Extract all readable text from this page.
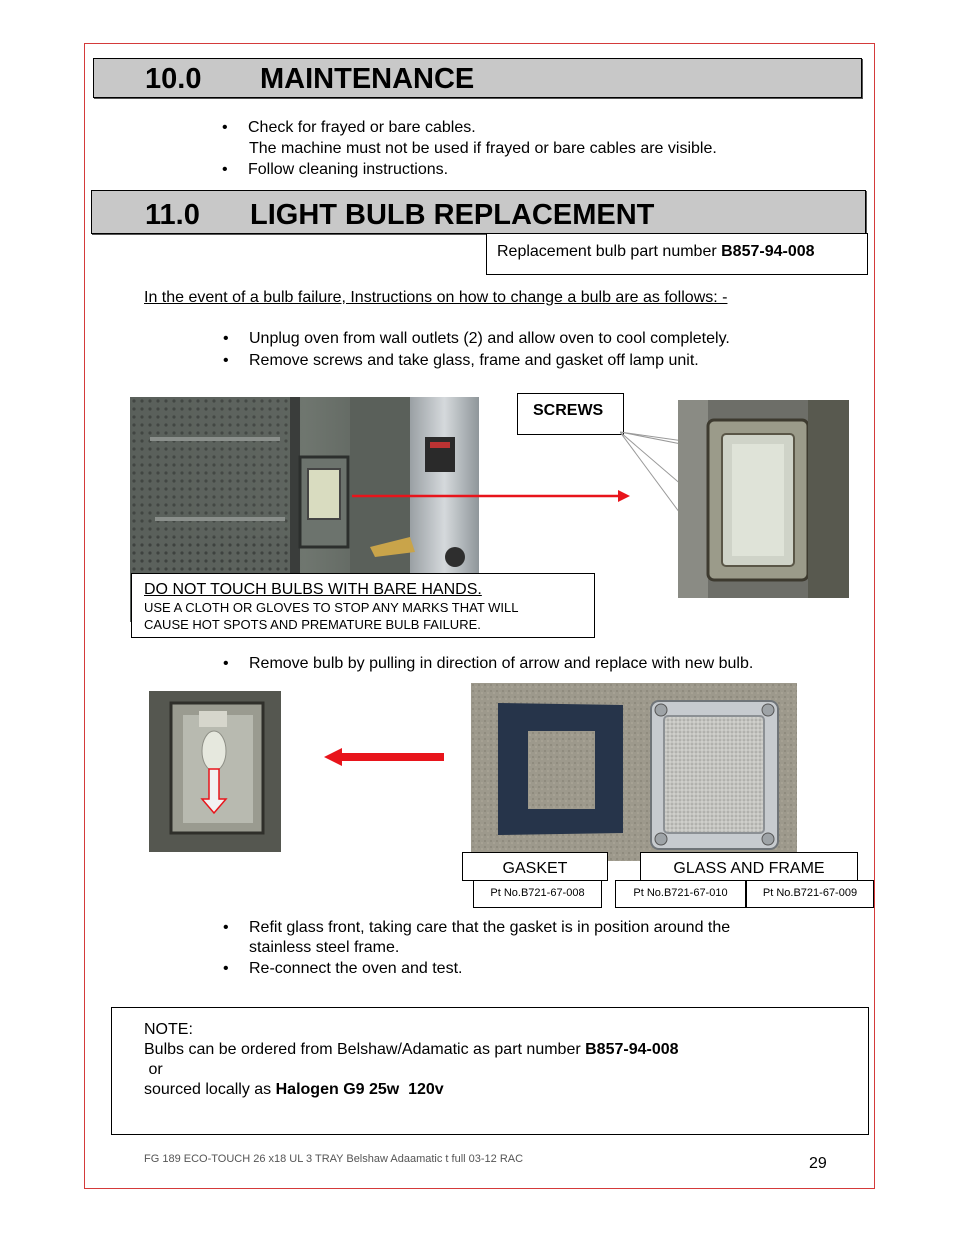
10.0 MAINTENANCE
• Check for frayed or bare cables.
The machine must not be used if frayed or bare cables are visible.
• Follow cleaning instructions.
11.0 LIGHT BULB REPLACEMENT
Replacement bulb part number B857-94-008
In the event of a bulb failure, Instructions on how to change a bulb are as follows: -
• Unplug oven from wall outlets (2) and allow oven to cool completely.
• Remove screws and take glass, frame and gasket off lamp unit.
SCREWS
DO NOT TOUCH BULBS WITH BARE HANDS.
USE A CLOTH OR GLOVES TO STOP ANY MARKS THAT WILL
CAUSE HOT SPOTS AND PREMATURE BULB FAILURE.
• Remove bulb by pulling in direction of arrow and replace with new bulb.
GASKET	GLASS AND FRAME
Pt No.B721-67-008	Pt No.B721-67-010	Pt No.B721-67-009
• Refit glass front, taking care that the gasket is in position around the
stainless steel frame.
• Re-connect the oven and test.
NOTE:
Bulbs can be ordered from Belshaw/Adamatic as part number B857-94-008
or
sourced locally as Halogen G9 25w  120v
FG 189 ECO-TOUCH 26 x18 UL 3 TRAY Belshaw Adaamatic t full 03-12 RAC	29
